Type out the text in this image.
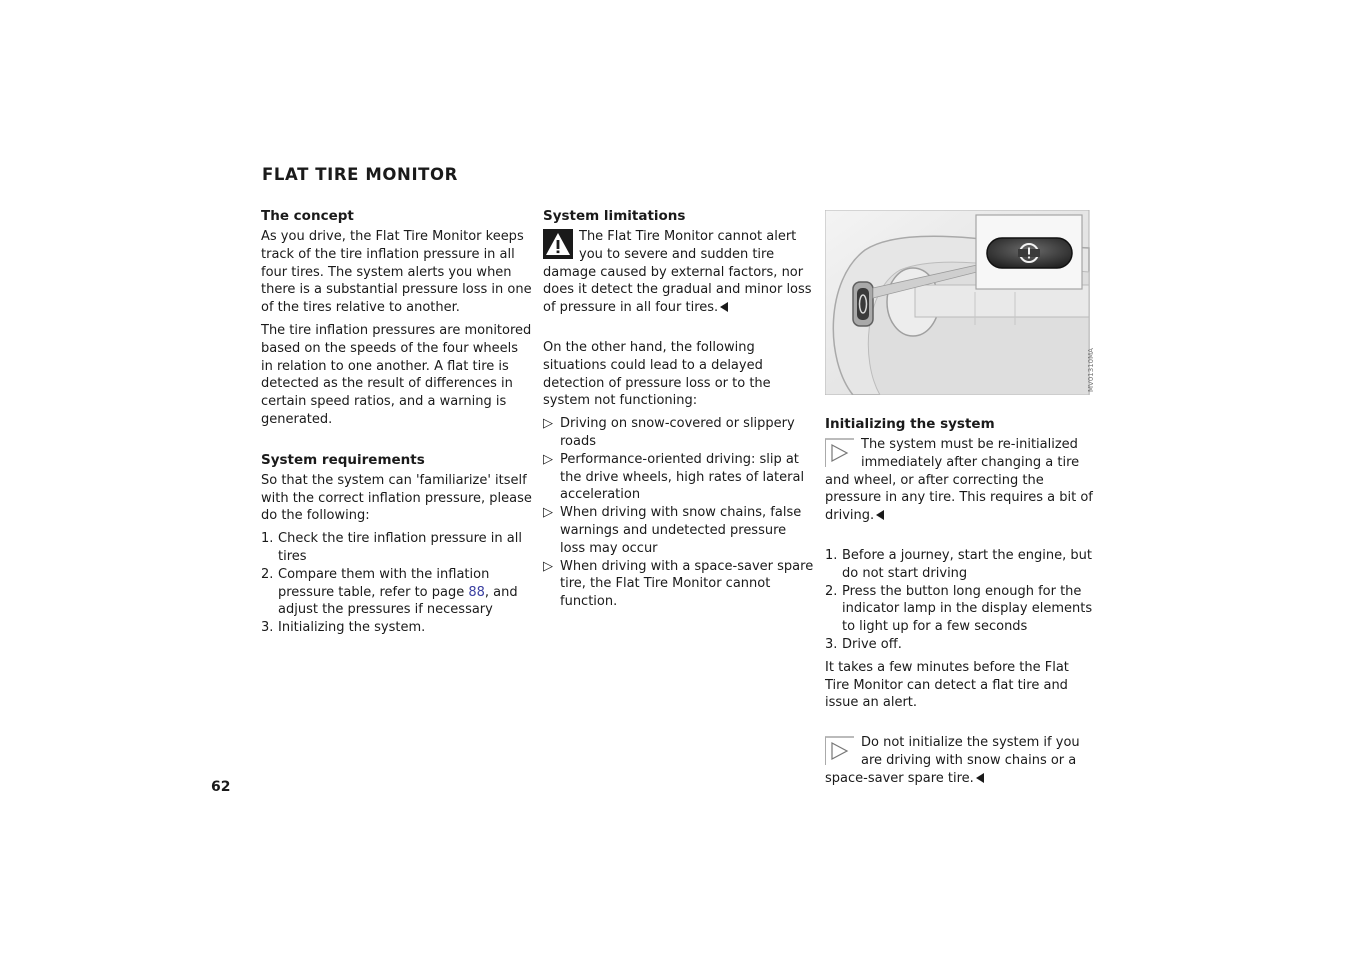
FLAT TIRE MONITOR
The concept

As you drive, the Flat Tire Monitor keeps track of the tire inflation pressure in all four tires. The system alerts you when there is a substantial pressure loss in one of the tires relative to another.

The tire inflation pressures are monitored based on the speeds of the four wheels in relation to one another. A flat tire is detected as the result of differences in certain speed ratios, and a warning is generated.

System requirements

So that the system can 'familiarize' itself with the correct inflation pressure, please do the following:

1. Check the tire inflation pressure in all tires
2. Compare them with the inflation pressure table, refer to page 88, and adjust the pressures if necessary
3. Initializing the system.
System limitations

The Flat Tire Monitor cannot alert you to severe and sudden tire damage caused by external factors, nor does it detect the gradual and minor loss of pressure in all four tires.

On the other hand, the following situations could lead to a delayed detection of pressure loss or to the system not functioning:

▷ Driving on snow-covered or slippery roads
▷ Performance-oriented driving: slip at the drive wheels, high rates of lateral acceleration
▷ When driving with snow chains, false warnings and undetected pressure loss may occur
▷ When driving with a space-saver spare tire, the Flat Tire Monitor cannot function.
MV01310MA
Initializing the system

The system must be re-initialized immediately after changing a tire and wheel, or after correcting the pressure in any tire. This requires a bit of driving.

1. Before a journey, start the engine, but do not start driving
2. Press the button long enough for the indicator lamp in the display elements to light up for a few seconds
3. Drive off.

It takes a few minutes before the Flat Tire Monitor can detect a flat tire and issue an alert.

Do not initialize the system if you are driving with snow chains or a space-saver spare tire.

62
